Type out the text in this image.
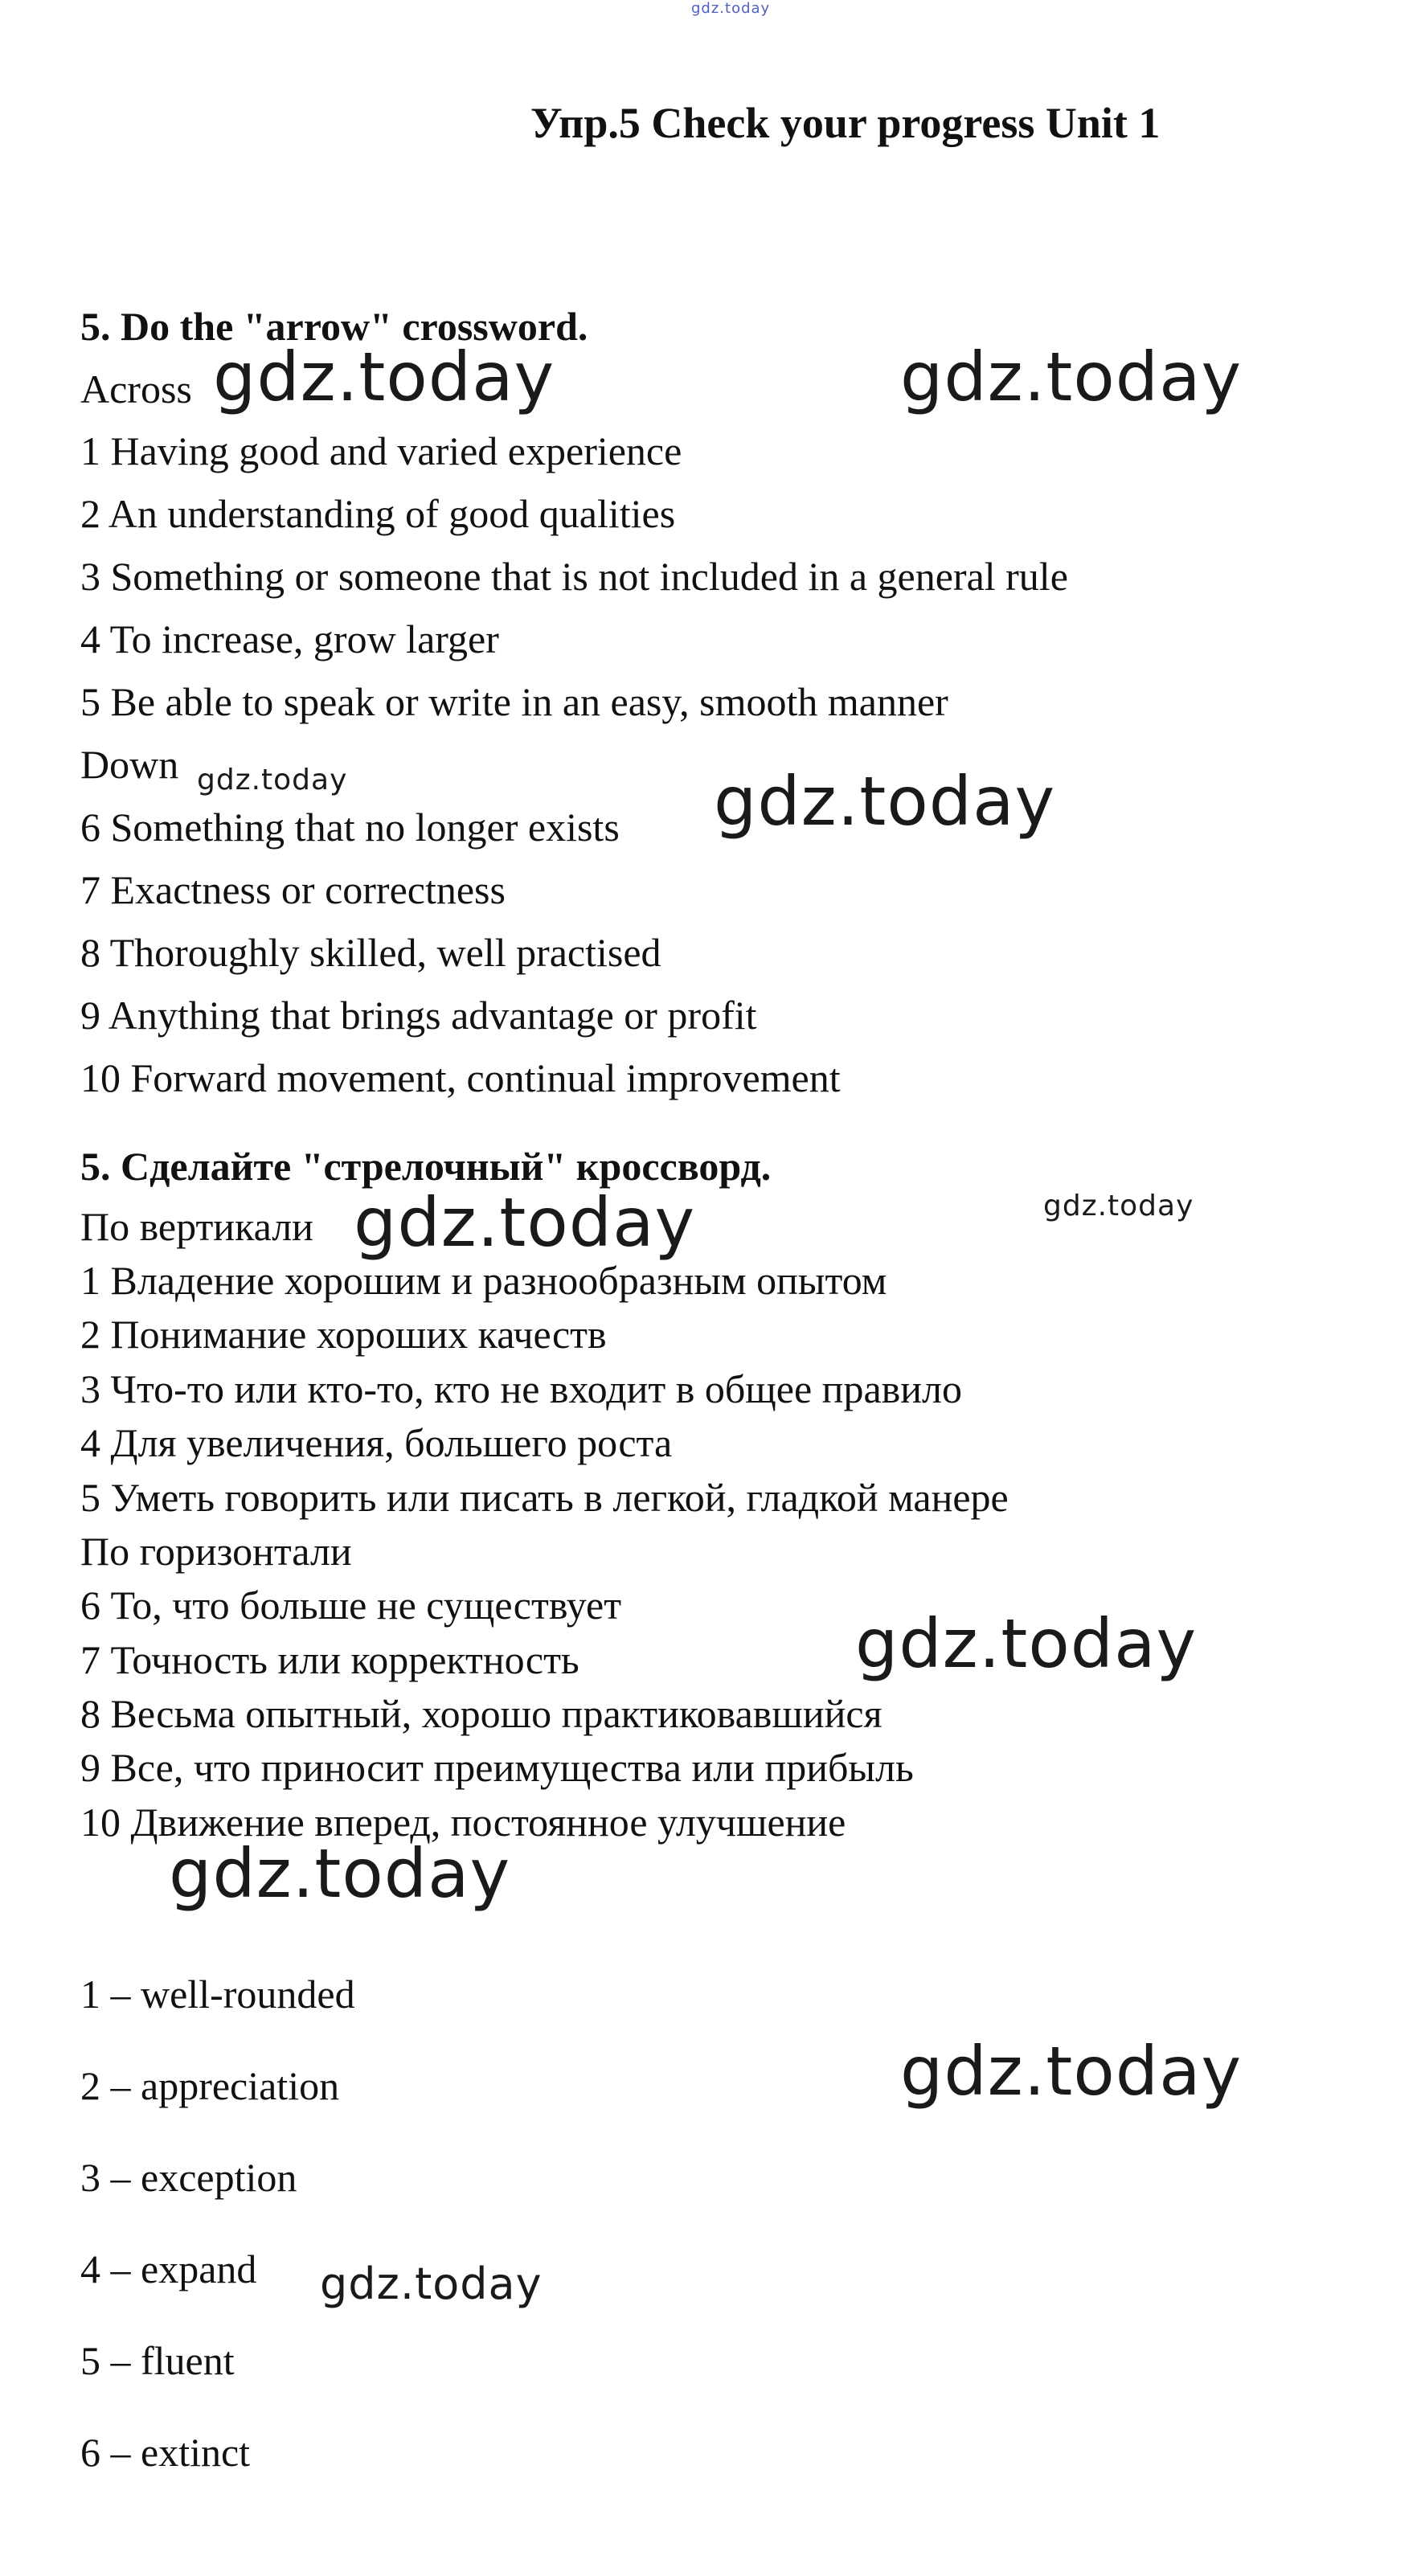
gdz.today
Упр.5 Check your progress Unit 1
5. Do the "arrow" crossword.
Across
1 Having good and varied experience
2 An understanding of good qualities
3 Something or someone that is not included in a general rule
4 To increase, grow larger
5 Be able to speak or write in an easy, smooth manner
Down
6 Something that no longer exists
7 Exactness or correctness
8 Thoroughly skilled, well practised
9 Anything that brings advantage or profit
10 Forward movement, continual improvement
5. Сделайте "стрелочный" кроссворд.
По вертикали
1 Владение хорошим и разнообразным опытом
2 Понимание хороших качеств
3 Что-то или кто-то, кто не входит в общее правило
4 Для увеличения, большего роста
5 Уметь говорить или писать в легкой, гладкой манере
По горизонтали
6 То, что больше не существует
7 Точность или корректность
8 Весьма опытный, хорошо практиковавшийся
9 Все, что приносит преимущества или прибыль
10 Движение вперед, постоянное улучшение
1 – well-rounded
2 – appreciation
3 – exception
4 – expand
5 – fluent
6 – extinct
gdz.today	gdz.today
gdz.today	gdz.today
gdz.today	gdz.today
gdz.today
gdz.today
gdz.today
gdz.today
